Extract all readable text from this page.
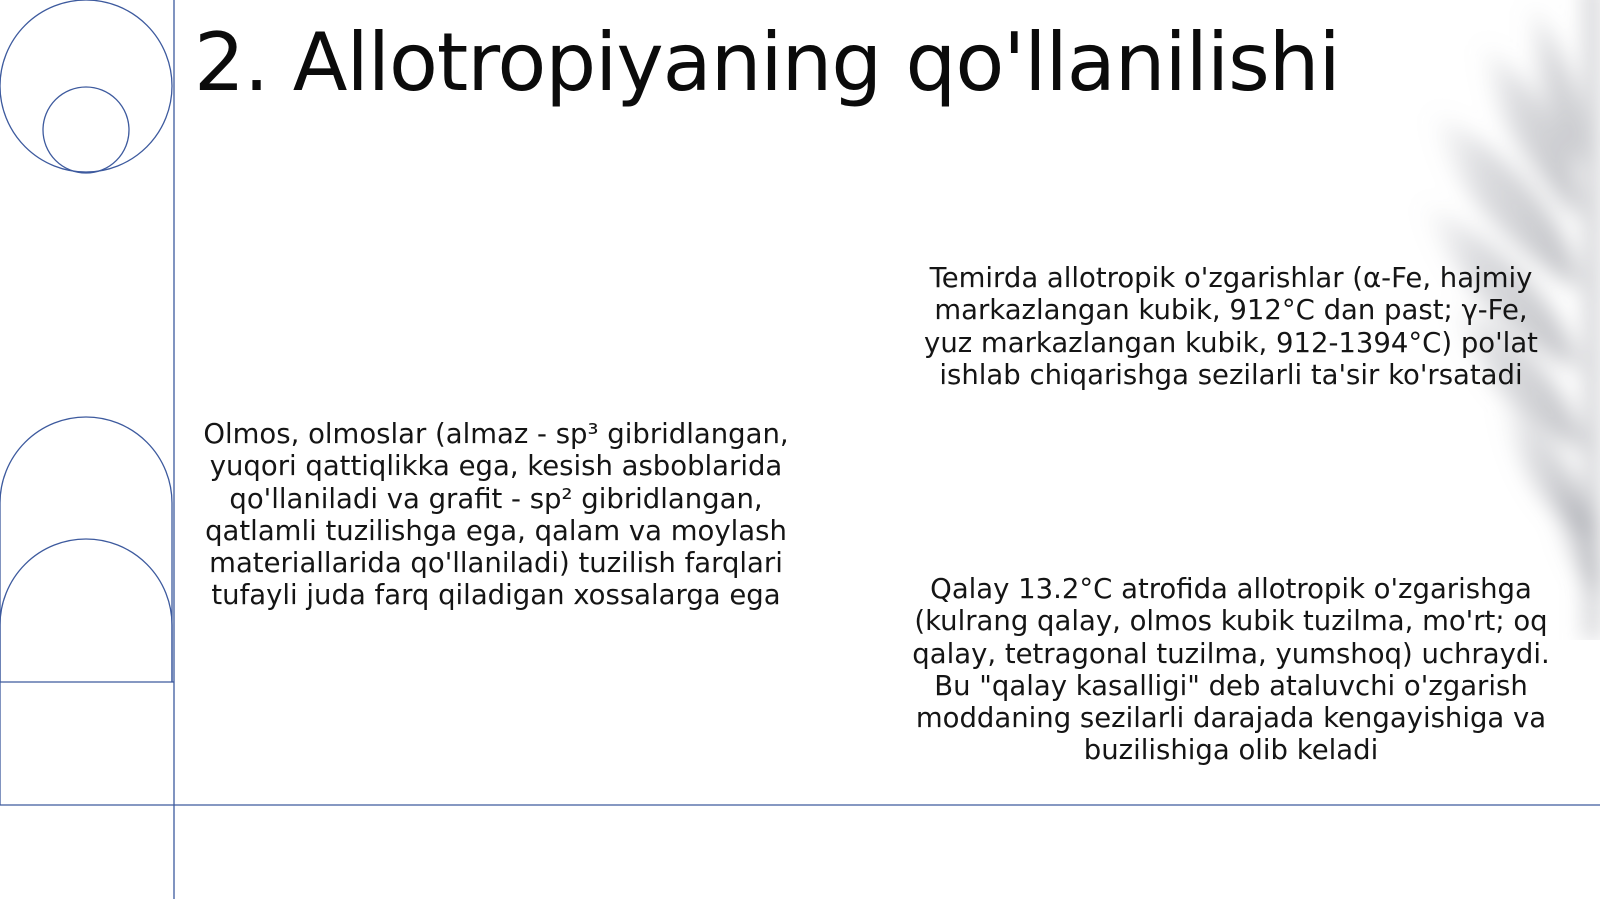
2. Allotropiyaning qo'llanilishi

Olmos, olmoslar (almaz - sp³ gibridlangan, yuqori qattiqlikka ega, kesish asboblarida qo'llaniladi va grafit - sp² gibridlangan, qatlamli tuzilishga ega, qalam va moylash materiallarida qo'llaniladi) tuzilish farqlari tufayli juda farq qiladigan xossalarga ega

Temirda allotropik o'zgarishlar (α-Fe, hajmiy markazlangan kubik, 912°C dan past; γ-Fe, yuz markazlangan kubik, 912-1394°C) po'lat ishlab chiqarishga sezilarli ta'sir ko'rsatadi

Qalay 13.2°C atrofida allotropik o'zgarishga (kulrang qalay, olmos kubik tuzilma, mo'rt; oq qalay, tetragonal tuzilma, yumshoq) uchraydi. Bu "qalay kasalligi" deb ataluvchi o'zgarish moddaning sezilarli darajada kengayishiga va buzilishiga olib keladi
